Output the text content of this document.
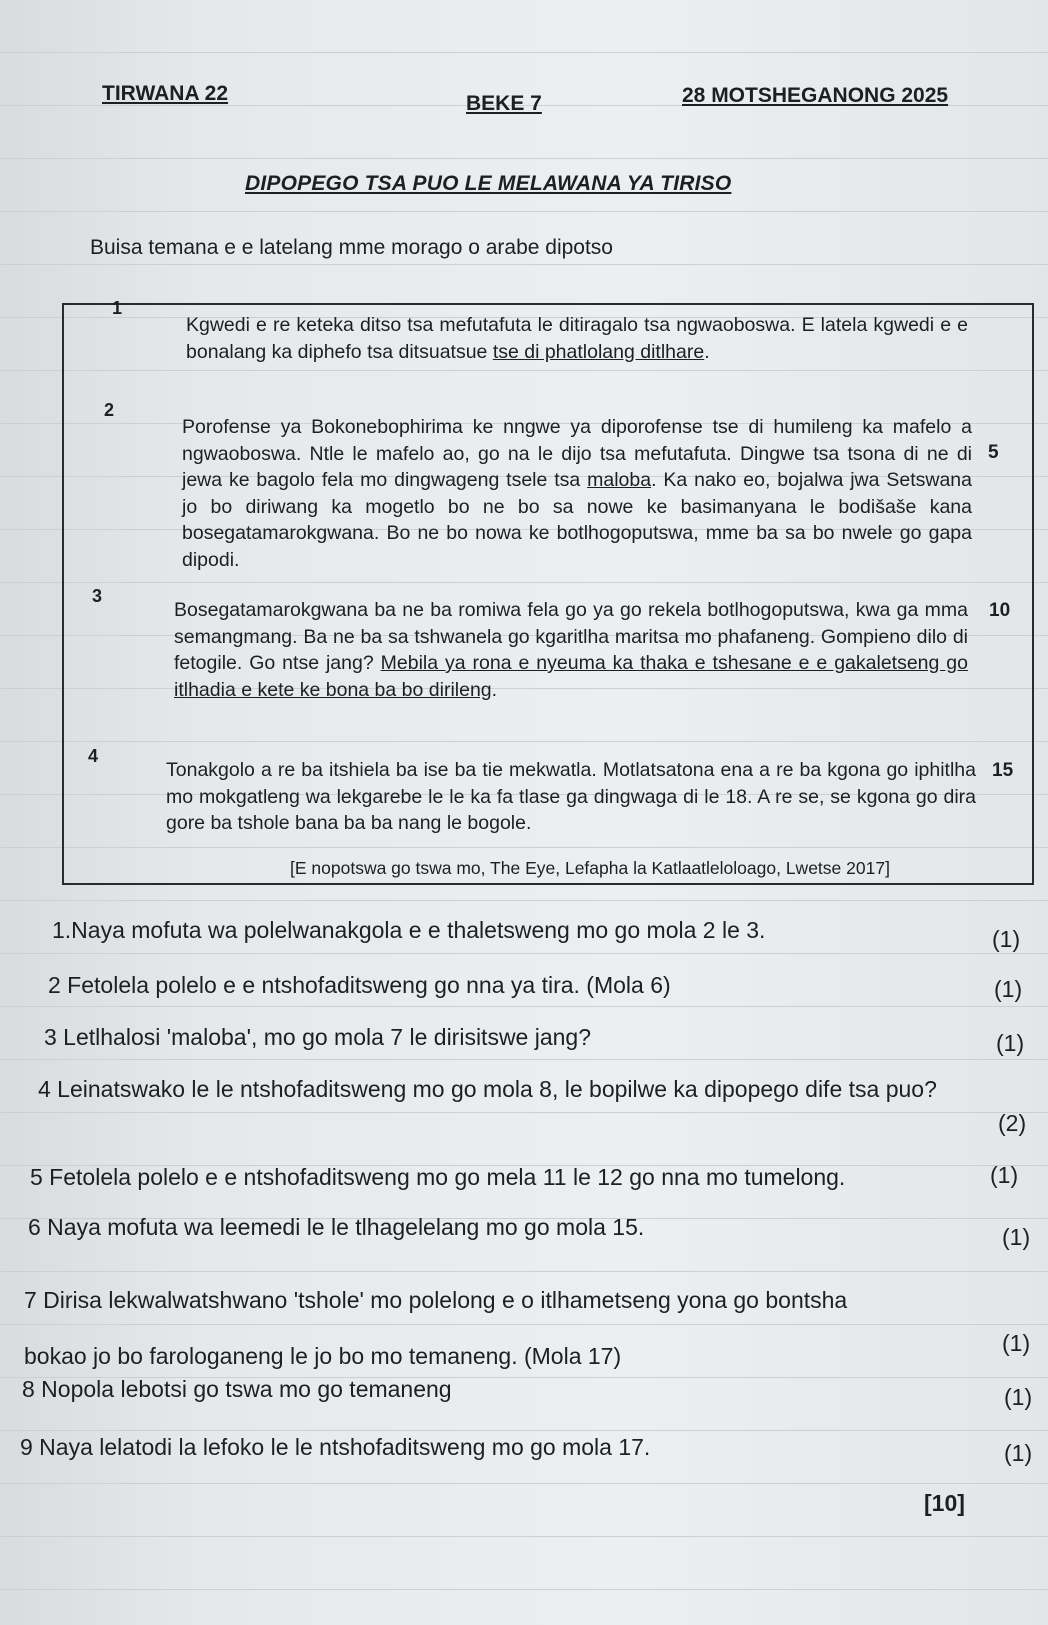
TIRWANA 22	BEKE 7	28 MOTSHEGANONG 2025
DIPOPEGO TSA PUO LE MELAWANA YA TIRISO
Buisa temana e e latelang mme morago o arabe dipotso
1
Kgwedi e re keteka ditso tsa mefutafuta le ditiragalo tsa ngwaoboswa. E latela kgwedi e e bonalang ka diphefo tsa ditsuatsue tse di phatlolang ditlhare.
2
Porofense ya Bokonebophirima ke nngwe ya diporofense tse di humileng ka mafelo a ngwaoboswa. Ntle le mafelo ao, go na le dijo tsa mefutafuta. Dingwe tsa tsona di ne di jewa ke bagolo fela mo dingwageng tsele tsa maloba. Ka nako eo, bojalwa jwa Setswana jo bo diriwang ka mogetlo bo ne bo sa nowe ke basimanyana le bodišaše kana bosegatamarokgwana. Bo ne bo nowa ke botlhogoputswa, mme ba sa bo nwele go gapa dipodi.
5
3
Bosegatamarokgwana ba ne ba romiwa fela go ya go rekela botlhogoputswa, kwa ga mma semangmang. Ba ne ba sa tshwanela go kgaritlha maritsa mo phafaneng. Gompieno dilo di fetogile. Go ntse jang? Mebila ya rona e nyeuma ka thaka e tshesane e e gakaletseng go itlhadia e kete ke bona ba bo dirileng.
10
4
Tonakgolo a re ba itshiela ba ise ba tie mekwatla. Motlatsatona ena a re ba kgona go iphitlha mo mokgatleng wa lekgarebe le le ka fa tlase ga dingwaga di le 18. A re se, se kgona go dira gore ba tshole bana ba ba nang le bogole.
15
[E nopotswa go tswa mo, The Eye, Lefapha la Katlaatleloloago, Lwetse 2017]
1.Naya mofuta wa polelwanakgola e e thaletsweng mo go mola 2 le 3.	(1)
2 Fetolela polelo e e ntshofaditsweng go nna ya tira. (Mola 6)	(1)
3 Letlhalosi 'maloba', mo go mola 7 le dirisitswe jang?	(1)
4 Leinatswako le le ntshofaditsweng mo go mola 8, le bopilwe ka dipopego dife tsa puo?
(2)
5 Fetolela polelo e e ntshofaditsweng mo go mela 11 le 12 go nna mo tumelong.	(1)
6 Naya mofuta wa leemedi le le tlhagelelang mo go mola 15.	(1)
7 Dirisa lekwalwatshwano 'tshole' mo polelong e o itlhametseng yona go bontsha bokao jo bo farologaneng le jo bo mo temaneng. (Mola 17)	(1)
8 Nopola lebotsi go tswa mo go temaneng	(1)
9 Naya lelatodi la lefoko le le ntshofaditsweng mo go mola 17.	(1)
[10]
